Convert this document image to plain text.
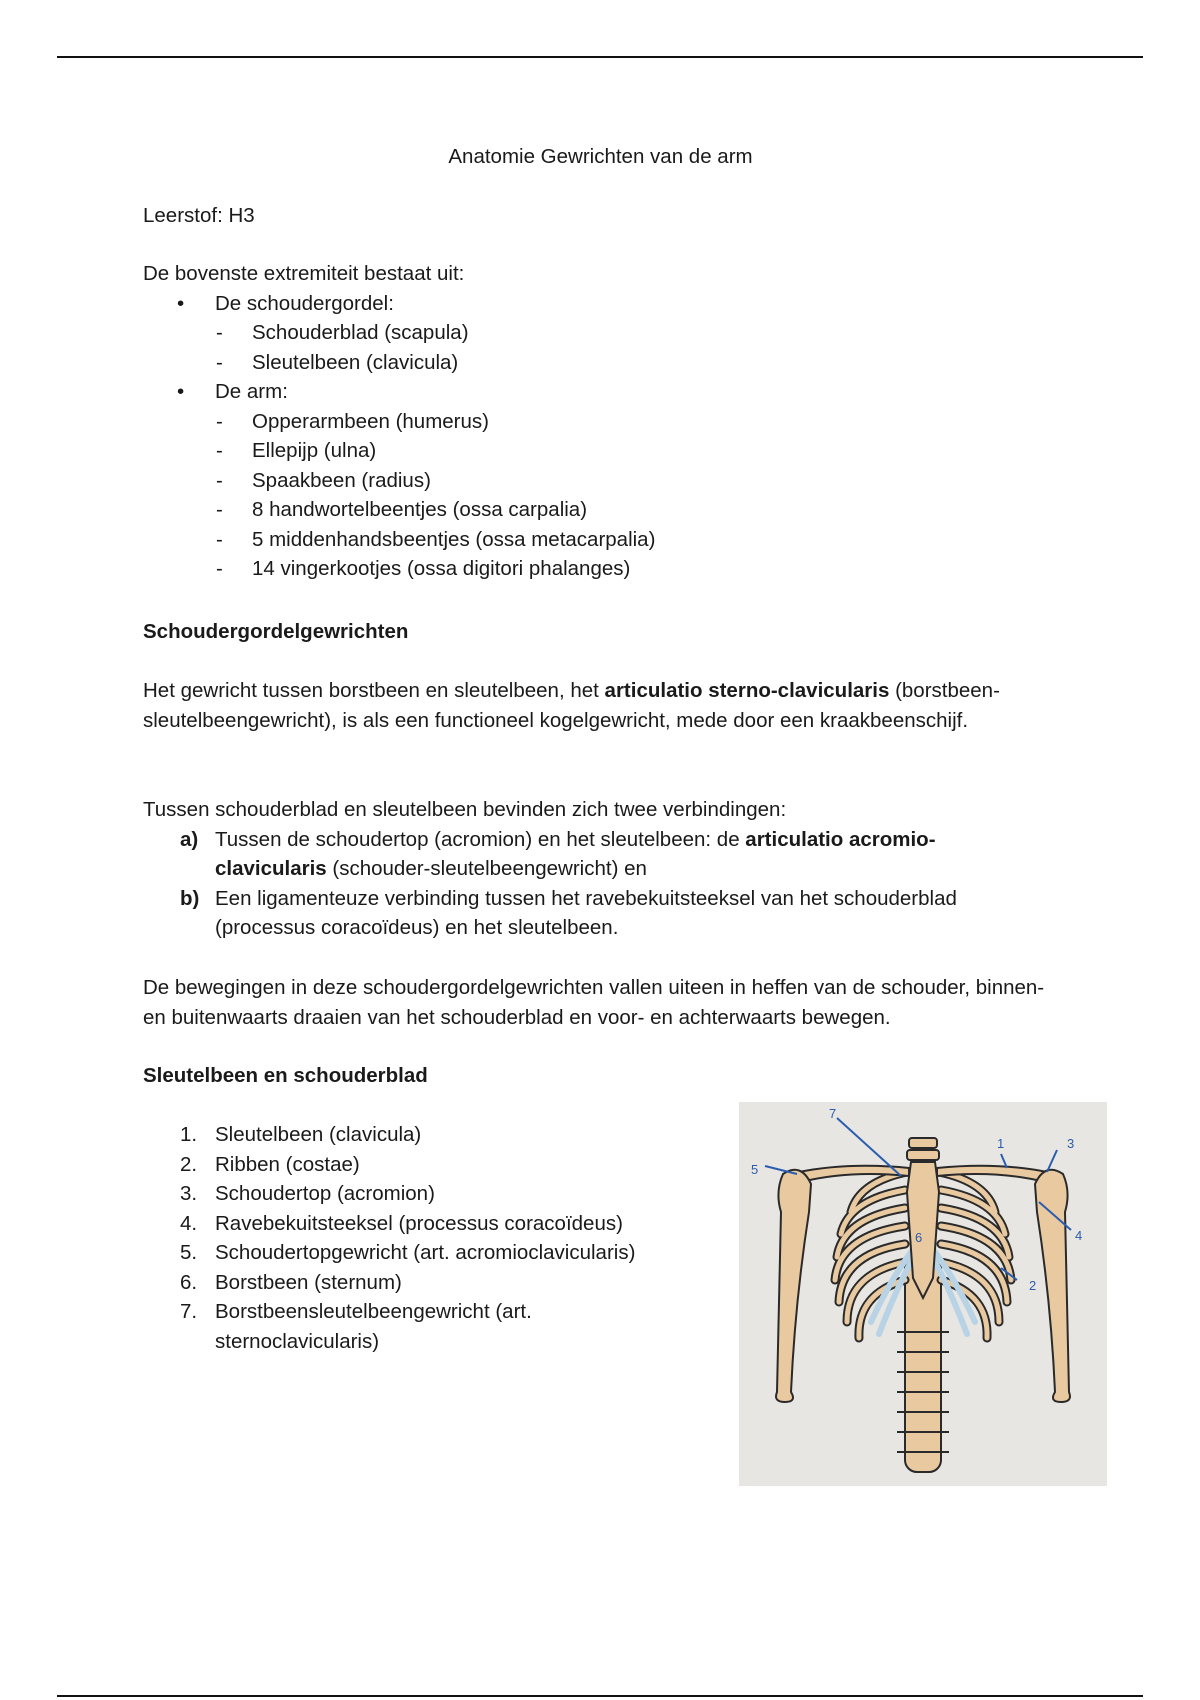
Anatomie Gewrichten van de arm
Leerstof: H3
De bovenste extremiteit bestaat uit:
•	De schoudergordel:
- Schouderblad (scapula)
- Sleutelbeen (clavicula)
•	De arm:
- Opperarmbeen (humerus)
- Ellepijp (ulna)
- Spaakbeen (radius)
- 8 handwortelbeentjes (ossa carpalia)
- 5 middenhandsbeentjes (ossa metacarpalia)
- 14 vingerkootjes (ossa digitori phalanges)
Schoudergordelgewrichten
Het gewricht tussen borstbeen en sleutelbeen, het articulatio sterno-clavicularis (borstbeen-sleutelbeengewricht), is als een functioneel kogelgewricht, mede door een kraakbeenschijf.
Tussen schouderblad en sleutelbeen bevinden zich twee verbindingen:
a) Tussen de schoudertop (acromion) en het sleutelbeen: de articulatio acromio-clavicularis (schouder-sleutelbeengewricht) en
b) Een ligamenteuze verbinding tussen het ravebekuitsteeksel van het schouderblad (processus coracoïdeus) en het sleutelbeen.
De bewegingen in deze schoudergordelgewrichten vallen uiteen in heffen van de schouder, binnen- en buitenwaarts draaien van het schouderblad en voor- en achterwaarts bewegen.
Sleutelbeen en schouderblad
1. Sleutelbeen (clavicula)
2. Ribben (costae)
3. Schoudertop (acromion)
4. Ravebekuitsteeksel (processus coracoïdeus)
5. Schoudertopgewricht (art. acromioclavicularis)
6. Borstbeen (sternum)
7. Borstbeensleutelbeengewricht (art. sternoclavicularis)
1
2
3
4
5
6
7
